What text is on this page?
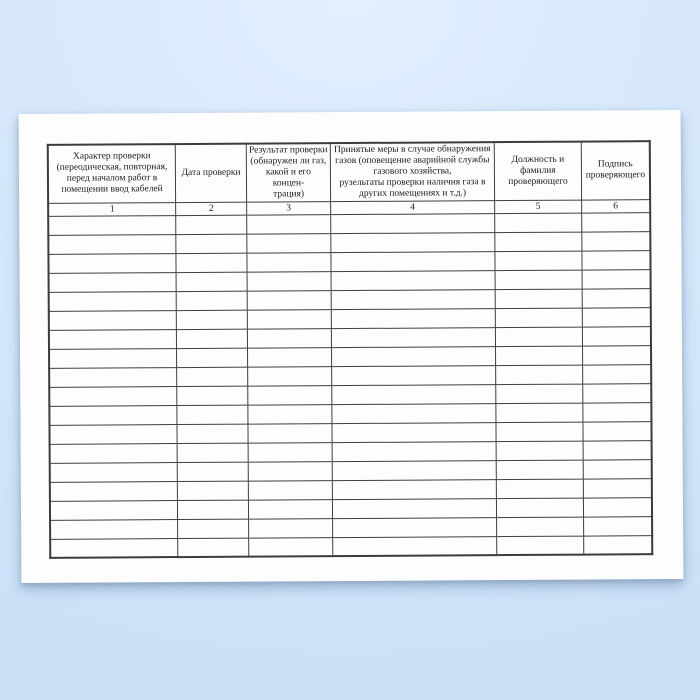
Характер проверки
(переодическая, повторная,
перед началом работ в
помещении ввод кабелей	Дата проверки	Результат проверки
(обнаружен ли газ,
какой и его концен-
трация)	Принятые меры в случае обнаружения
газов (оповещение аварийной службы
газового хозяйства,
рузельтаты проверки наличия газа в
других помещениях и т.д.)	Должность и
фамилия
проверяющего	Подпись
проверяющего
1	2	3	4	5	6
